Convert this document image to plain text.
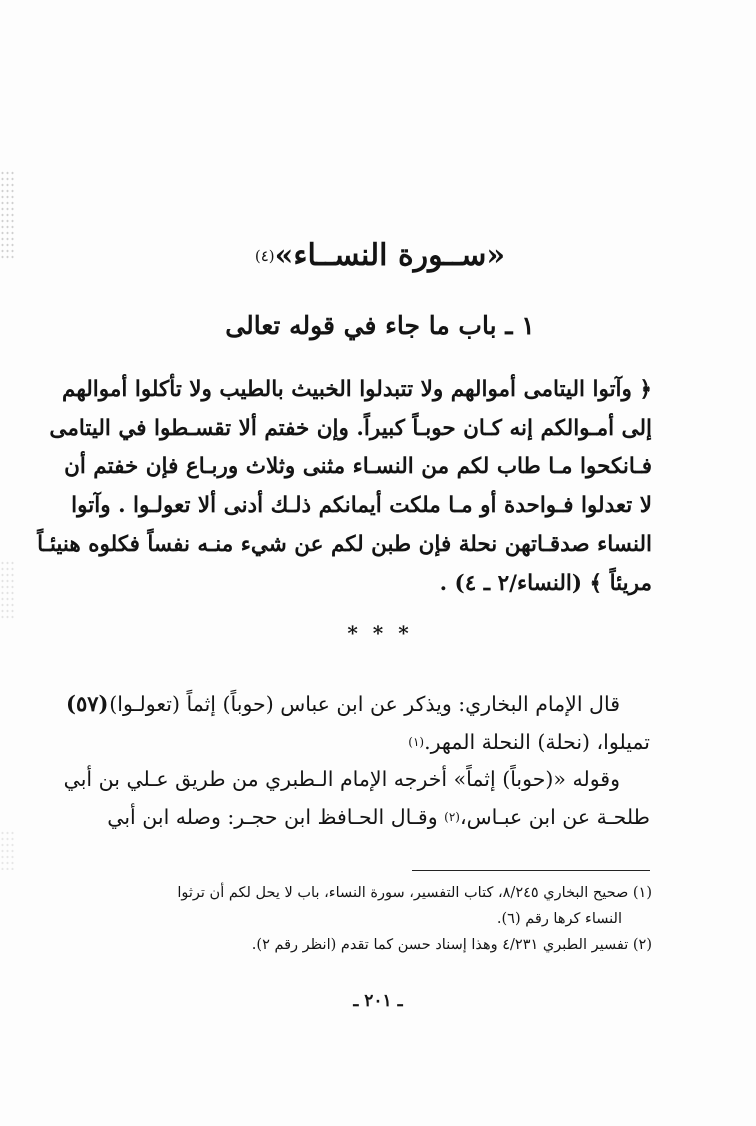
«ســورة النســاء»$^{(٤)}$
١ ـ باب ما جاء في قوله تعالى
﴿ وآتوا اليتامى أموالهم ولا تتبدلوا الخبيث بالطيب ولا تأكلوا أموالهم
إلى أمـوالكم إنه كـان حوبـاً كبيراً. وإن خفتم ألا تقسـطوا في اليتامى
فـانكحوا مـا طاب لكم من النسـاء مثنى وثلاث وربـاع فإن خفتم أن
لا تعدلوا فـواحدة أو مـا ملكت أيمانكم ذلـك أدنى ألا تعولـوا . وآتوا
النساء صدقـاتهن نحلة فإن طبن لكم عن شيء منـه نفساً فكلوه هنيئـاً
مريئاً ﴾ (النساء/٢ ـ ٤) .
* * *
(٥٧) قال الإمام البخاري: ويذكر عن ابن عباس (حوباً) إثماً (تعولـوا)
تميلوا، (نحلة) النحلة المهر.$^{(١)}$
وقوله «(حوباً) إثماً» أخرجه الإمام الـطبري من طريق عـلي بن أبي
طلحـة عن ابن عبـاس،$^{(٢)}$ وقـال الحـافظ ابن حجـر: وصله ابن أبي
(١) صحيح البخاري ٨/٢٤٥، كتاب التفسير، سورة النساء، باب لا يحل لكم أن ترثوا
النساء كرها رقم (٦).
(٢) تفسير الطبري ٤/٢٣١ وهذا إسناد حسن كما تقدم (انظر رقم ٢).
ـ ٢٠١ ـ
